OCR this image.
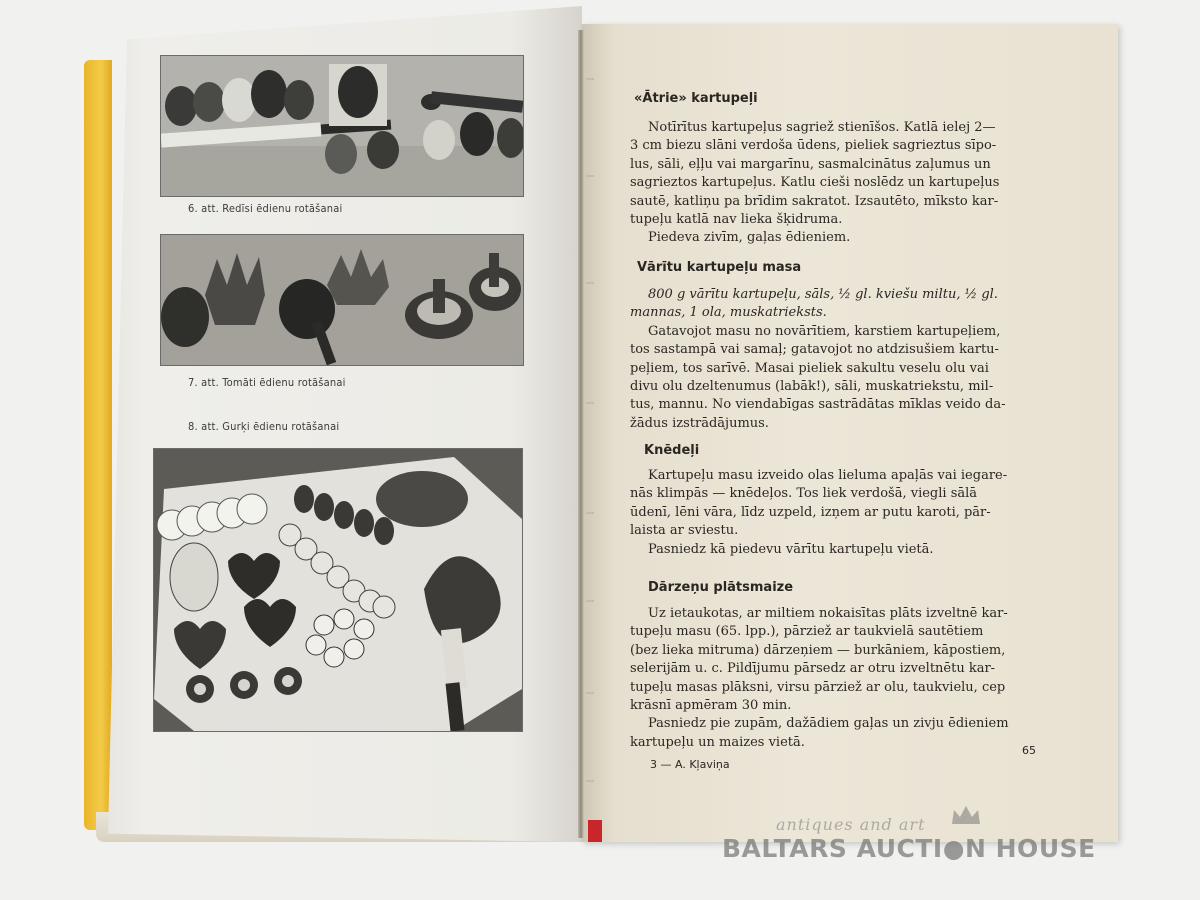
6. att. Redīsi ēdienu rotāšanai
7. att. Tomāti ēdienu rotāšanai
8. att. Gurķi ēdienu rotāšanai
«Ātrie» kartupeļi
Notīrītus kartupeļus sagriež stienīšos. Katlā ielej 2—
3 cm biezu slāni verdoša ūdens, pieliek sagrieztus sīpo-
lus, sāli, eļļu vai margarīnu, sasmalcinātus zaļumus un
sagrieztos kartupeļus. Katlu cieši noslēdz un kartupeļus
sautē, katliņu pa brīdim sakratot. Izsautēto, mīksto kar-
tupeļu katlā nav lieka šķidruma.
Piedeva zivīm, gaļas ēdieniem.
Vārītu kartupeļu masa
800 g vārītu kartupeļu, sāls, ½ gl. kviešu miltu, ½ gl.
mannas, 1 ola, muskatrieksts.
Gatavojot masu no novārītiem, karstiem kartupeļiem,
tos sastampā vai samaļ; gatavojot no atdzisušiem kartu-
peļiem, tos sarīvē. Masai pieliek sakultu veselu olu vai
divu olu dzeltenumus (labāk!), sāli, muskatriekstu, mil-
tus, mannu. No viendabīgas sastrādātas mīklas veido da-
žādus izstrādājumus.
Knēdeļi
Kartupeļu masu izveido olas lieluma apaļās vai iegare-
nās klimpās — knēdeļos. Tos liek verdošā, viegli sālā
ūdenī, lēni vāra, līdz uzpeld, izņem ar putu karoti, pār-
laista ar sviestu.
Pasniedz kā piedevu vārītu kartupeļu vietā.
Dārzeņu plātsmaize
Uz ietaukotas, ar miltiem nokaisītas plāts izveltnē kar-
tupeļu masu (65. lpp.), pārziež ar taukvielā sautētiem
(bez lieka mitruma) dārzeņiem — burkāniem, kāpostiem,
selerijām u. c. Pildījumu pārsedz ar otru izveltnētu kar-
tupeļu masas plāksni, virsu pārziež ar olu, taukvielu, cep
krāsnī apmēram 30 min.
Pasniedz pie zupām, dažādiem gaļas un zivju ēdieniem
kartupeļu un maizes vietā.
3 — A. Kļaviņa
65
antiques and art
BALTARS AUCTI●N HOUSE
